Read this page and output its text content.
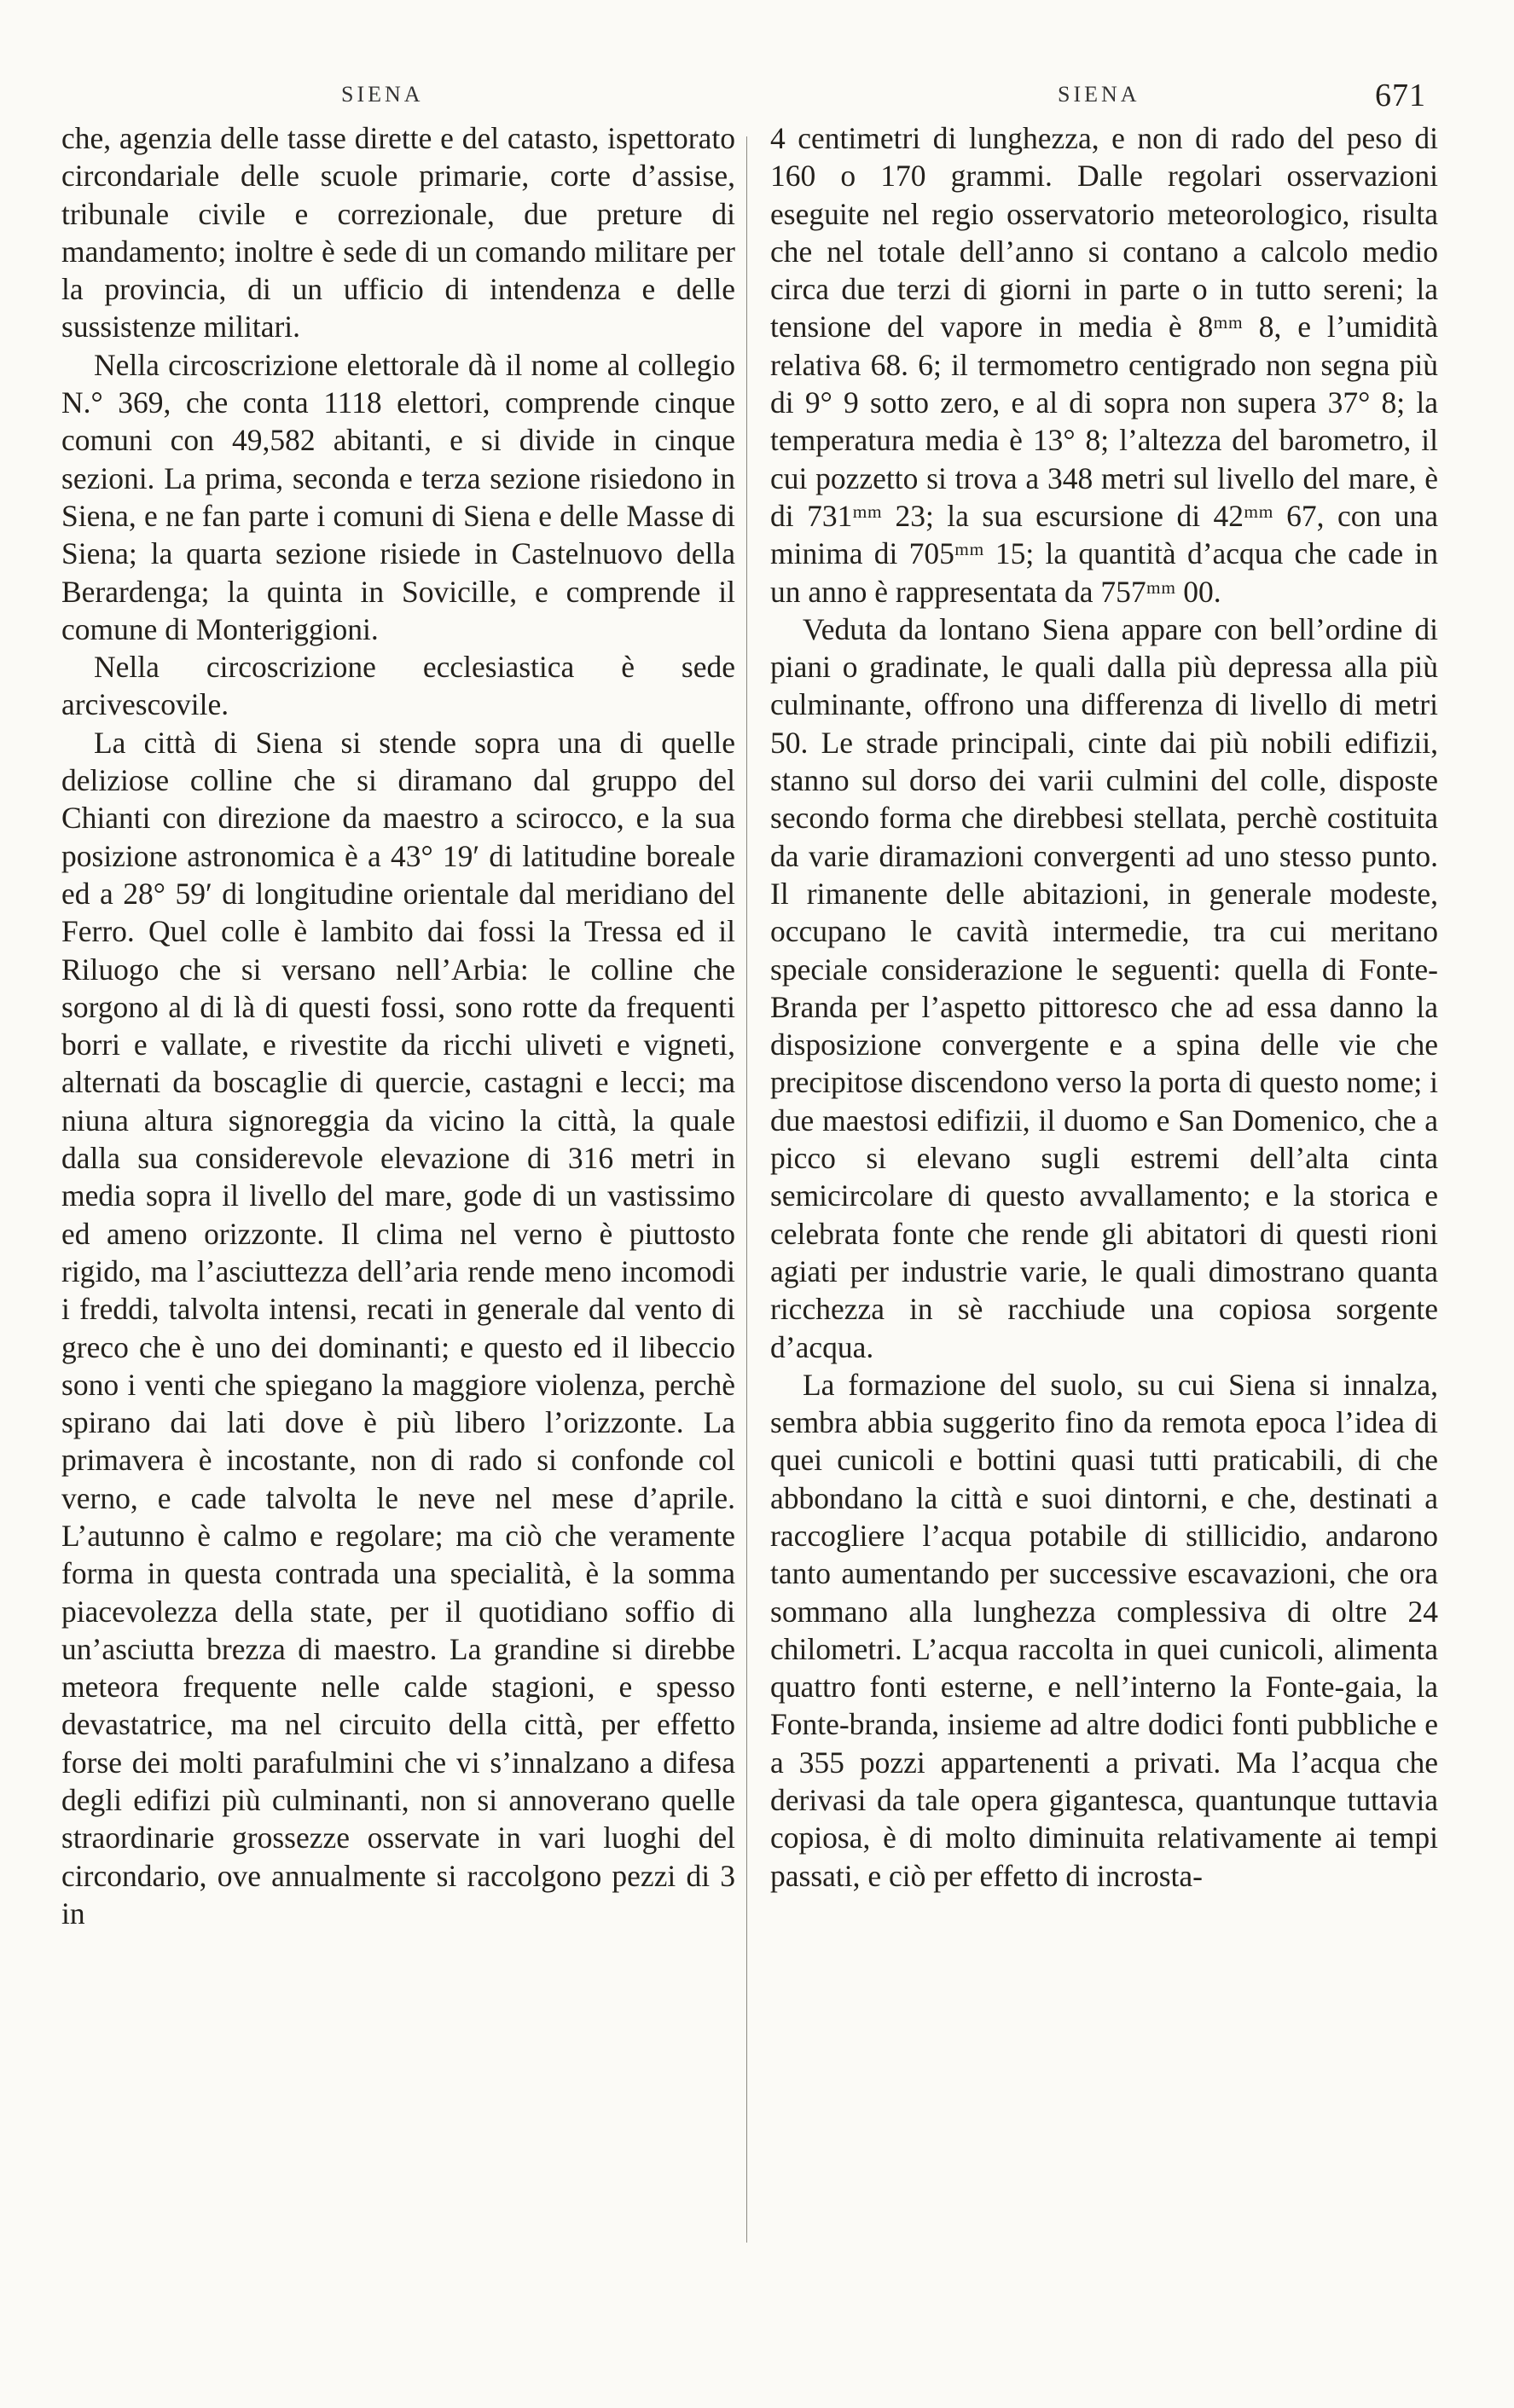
SIENA	SIENA	671

che, agenzia delle tasse dirette e del catasto, ispettorato circondariale delle scuole primarie, corte d’assise, tribunale civile e correzionale, due preture di mandamento; inoltre è sede di un comando militare per la provincia, di un ufficio di intendenza e delle sussistenze militari.

Nella circoscrizione elettorale dà il nome al collegio N.° 369, che conta 1118 elettori, comprende cinque comuni con 49,582 abitanti, e si divide in cinque sezioni. La prima, seconda e terza sezione risiedono in Siena, e ne fan parte i comuni di Siena e delle Masse di Siena; la quarta sezione risiede in Castelnuovo della Berardenga; la quinta in Sovicille, e comprende il comune di Monteriggioni.

Nella circoscrizione ecclesiastica è sede arcivescovile.

La città di Siena si stende sopra una di quelle deliziose colline che si diramano dal gruppo del Chianti con direzione da maestro a scirocco, e la sua posizione astronomica è a 43° 19′ di latitudine boreale ed a 28° 59′ di longitudine orientale dal meridiano del Ferro. Quel colle è lambito dai fossi la Tressa ed il Riluogo che si versano nell’Arbia: le colline che sorgono al di là di questi fossi, sono rotte da frequenti borri e vallate, e rivestite da ricchi uliveti e vigneti, alternati da boscaglie di quercie, castagni e lecci; ma niuna altura signoreggia da vicino la città, la quale dalla sua considerevole elevazione di 316 metri in media sopra il livello del mare, gode di un vastissimo ed ameno orizzonte. Il clima nel verno è piuttosto rigido, ma l’asciuttezza dell’aria rende meno incomodi i freddi, talvolta intensi, recati in generale dal vento di greco che è uno dei dominanti; e questo ed il libeccio sono i venti che spiegano la maggiore violenza, perchè spirano dai lati dove è più libero l’orizzonte. La primavera è incostante, non di rado si confonde col verno, e cade talvolta le neve nel mese d’aprile. L’autunno è calmo e regolare; ma ciò che veramente forma in questa contrada una specialità, è la somma piacevolezza della state, per il quotidiano soffio di un’asciutta brezza di maestro. La grandine si direbbe meteora frequente nelle calde stagioni, e spesso devastatrice, ma nel circuito della città, per effetto forse dei molti parafulmini che vi s’innalzano a difesa degli edifizi più culminanti, non si annoverano quelle straordinarie grossezze osservate in vari luoghi del circondario, ove annualmente si raccolgono pezzi di 3 in

4 centimetri di lunghezza, e non di rado del peso di 160 o 170 grammi. Dalle regolari osservazioni eseguite nel regio osservatorio meteorologico, risulta che nel totale dell’anno si contano a calcolo medio circa due terzi di giorni in parte o in tutto sereni; la tensione del vapore in media è 8ᵐᵐ 8, e l’umidità relativa 68. 6; il termometro centigrado non segna più di 9° 9 sotto zero, e al di sopra non supera 37° 8; la temperatura media è 13° 8; l’altezza del barometro, il cui pozzetto si trova a 348 metri sul livello del mare, è di 731ᵐᵐ 23; la sua escursione di 42ᵐᵐ 67, con una minima di 705ᵐᵐ 15; la quantità d’acqua che cade in un anno è rappresentata da 757ᵐᵐ 00.

Veduta da lontano Siena appare con bell’ordine di piani o gradinate, le quali dalla più depressa alla più culminante, offrono una differenza di livello di metri 50. Le strade principali, cinte dai più nobili edifizii, stanno sul dorso dei varii culmini del colle, disposte secondo forma che direbbesi stellata, perchè costituita da varie diramazioni convergenti ad uno stesso punto. Il rimanente delle abitazioni, in generale modeste, occupano le cavità intermedie, tra cui meritano speciale considerazione le seguenti: quella di Fonte-Branda per l’aspetto pittoresco che ad essa danno la disposizione convergente e a spina delle vie che precipitose discendono verso la porta di questo nome; i due maestosi edifizii, il duomo e San Domenico, che a picco si elevano sugli estremi dell’alta cinta semicircolare di questo avvallamento; e la storica e celebrata fonte che rende gli abitatori di questi rioni agiati per industrie varie, le quali dimostrano quanta ricchezza in sè racchiude una copiosa sorgente d’acqua.

La formazione del suolo, su cui Siena si innalza, sembra abbia suggerito fino da remota epoca l’idea di quei cunicoli e bottini quasi tutti praticabili, di che abbondano la città e suoi dintorni, e che, destinati a raccogliere l’acqua potabile di stillicidio, andarono tanto aumentando per successive escavazioni, che ora sommano alla lunghezza complessiva di oltre 24 chilometri. L’acqua raccolta in quei cunicoli, alimenta quattro fonti esterne, e nell’interno la Fonte-gaia, la Fonte-branda, insieme ad altre dodici fonti pubbliche e a 355 pozzi appartenenti a privati. Ma l’acqua che derivasi da tale opera gigantesca, quantunque tuttavia copiosa, è di molto diminuita relativamente ai tempi passati, e ciò per effetto di incrosta-
